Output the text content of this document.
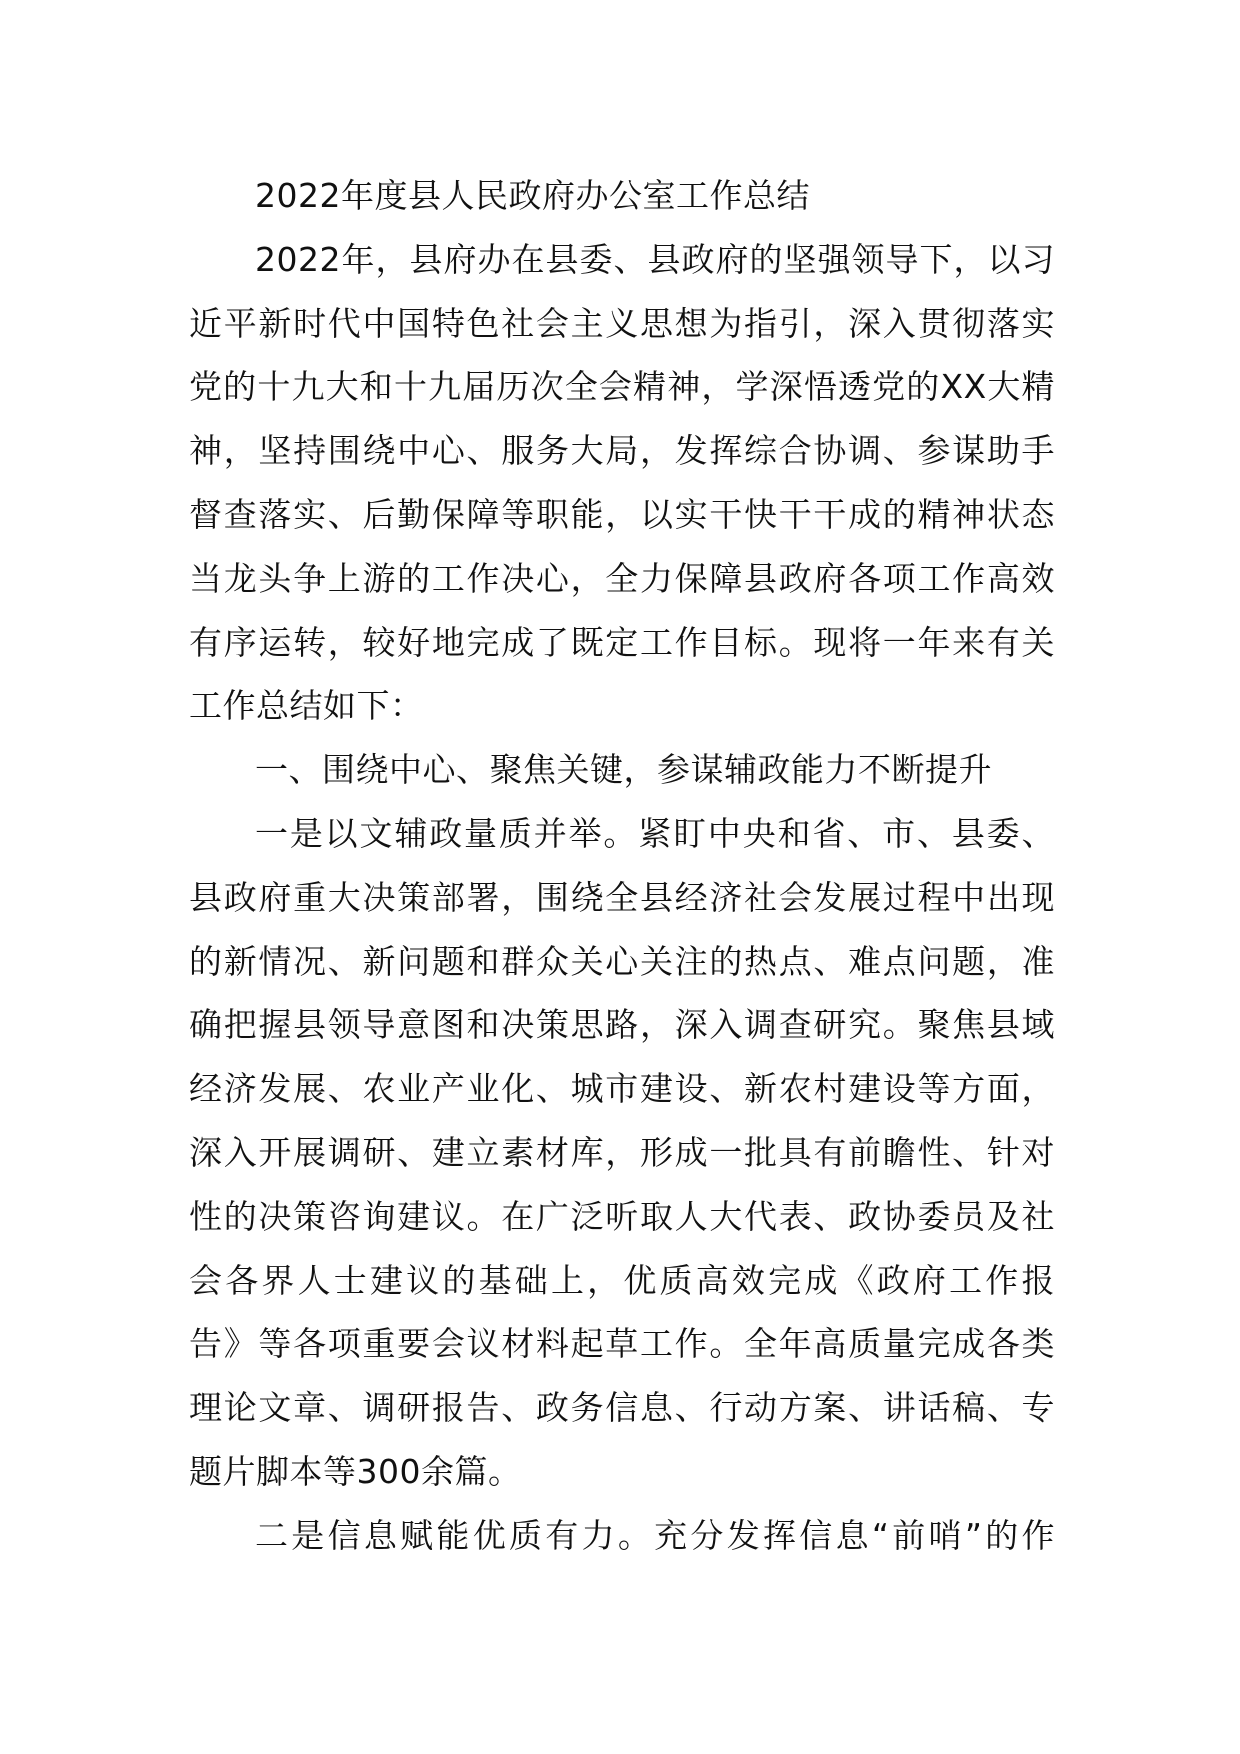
2022年度县人民政府办公室工作总结
2022年，县府办在县委、县政府的坚强领导下，以习
近平新时代中国特色社会主义思想为指引，深入贯彻落实
党的十九大和十九届历次全会精神，学深悟透党的XX大精
神，坚持围绕中心、服务大局，发挥综合协调、参谋助手
督查落实、后勤保障等职能，以实干快干干成的精神状态
当龙头争上游的工作决心，全力保障县政府各项工作高效
有序运转，较好地完成了既定工作目标。现将一年来有关
工作总结如下：
一、围绕中心、聚焦关键，参谋辅政能力不断提升
一是以文辅政量质并举。紧盯中央和省、市、县委、
县政府重大决策部署，围绕全县经济社会发展过程中出现
的新情况、新问题和群众关心关注的热点、难点问题，准
确把握县领导意图和决策思路，深入调查研究。聚焦县域
经济发展、农业产业化、城市建设、新农村建设等方面，
深入开展调研、建立素材库，形成一批具有前瞻性、针对
性的决策咨询建议。在广泛听取人大代表、政协委员及社
会各界人士建议的基础上，优质高效完成《政府工作报
告》等各项重要会议材料起草工作。全年高质量完成各类
理论文章、调研报告、政务信息、行动方案、讲话稿、专
题片脚本等300余篇。
二是信息赋能优质有力。充分发挥信息“前哨”的作
